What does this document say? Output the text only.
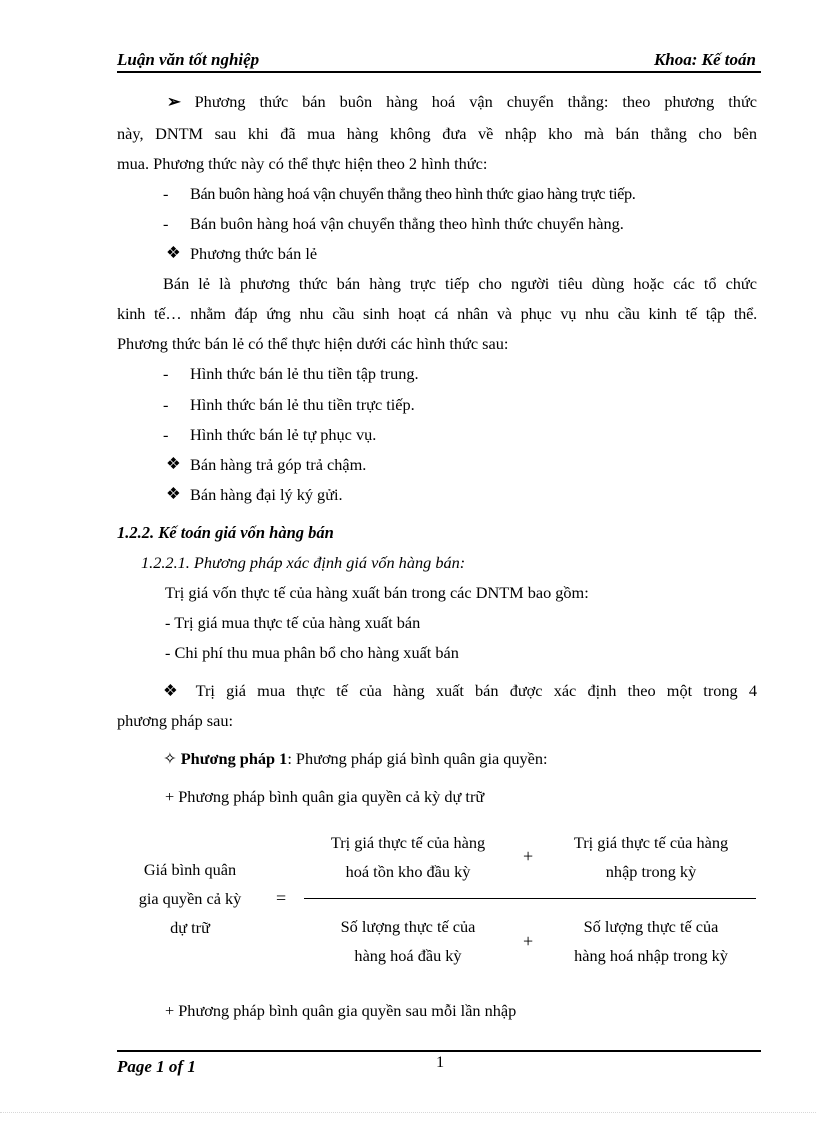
Luận văn tốt nghiệp	Khoa: Kế toán
➢ Phương thức bán buôn hàng hoá vận chuyển thẳng: theo phương thức
này, DNTM sau khi đã mua hàng không đưa về nhập kho mà bán thẳng cho bên
mua. Phương thức này có thể thực hiện theo 2 hình thức:
- Bán buôn hàng hoá vận chuyển thẳng theo hình thức giao hàng trực tiếp.
- Bán buôn hàng hoá vận chuyển thẳng theo hình thức chuyển hàng.
❖ Phương thức bán lẻ
Bán lẻ là phương thức bán hàng trực tiếp cho người tiêu dùng hoặc các tổ chức
kinh tế… nhằm đáp ứng nhu cầu sinh hoạt cá nhân và phục vụ nhu cầu kinh tế tập thể.
Phương thức bán lẻ có thể thực hiện dưới các hình thức sau:
- Hình thức bán lẻ thu tiền tập trung.
- Hình thức bán lẻ thu tiền trực tiếp.
- Hình thức bán lẻ tự phục vụ.
❖ Bán hàng trả góp trả chậm.
❖ Bán hàng đại lý ký gửi.
1.2.2. Kế toán giá vốn hàng bán
1.2.2.1. Phương pháp xác định giá vốn hàng bán:
Trị giá vốn thực tế của hàng xuất bán trong các DNTM bao gồm:
- Trị giá mua thực tế của hàng xuất bán
- Chi phí thu mua phân bổ cho hàng xuất bán
❖ Trị giá mua thực tế của hàng xuất bán được xác định theo một trong 4
phương pháp sau:
✧ Phương pháp 1: Phương pháp giá bình quân gia quyền:
+ Phương pháp bình quân gia quyền cả kỳ dự trữ
Giá bình quân
gia quyền cả kỳ
dự trữ
=
Trị giá thực tế của hàng
hoá tồn kho đầu kỳ
+
Trị giá thực tế của hàng
nhập trong kỳ
Số lượng thực tế của
hàng hoá đầu kỳ
+
Số lượng thực tế của
hàng hoá nhập trong kỳ
+ Phương pháp bình quân gia quyền sau mỗi lần nhập
Page 1 of 1	1
